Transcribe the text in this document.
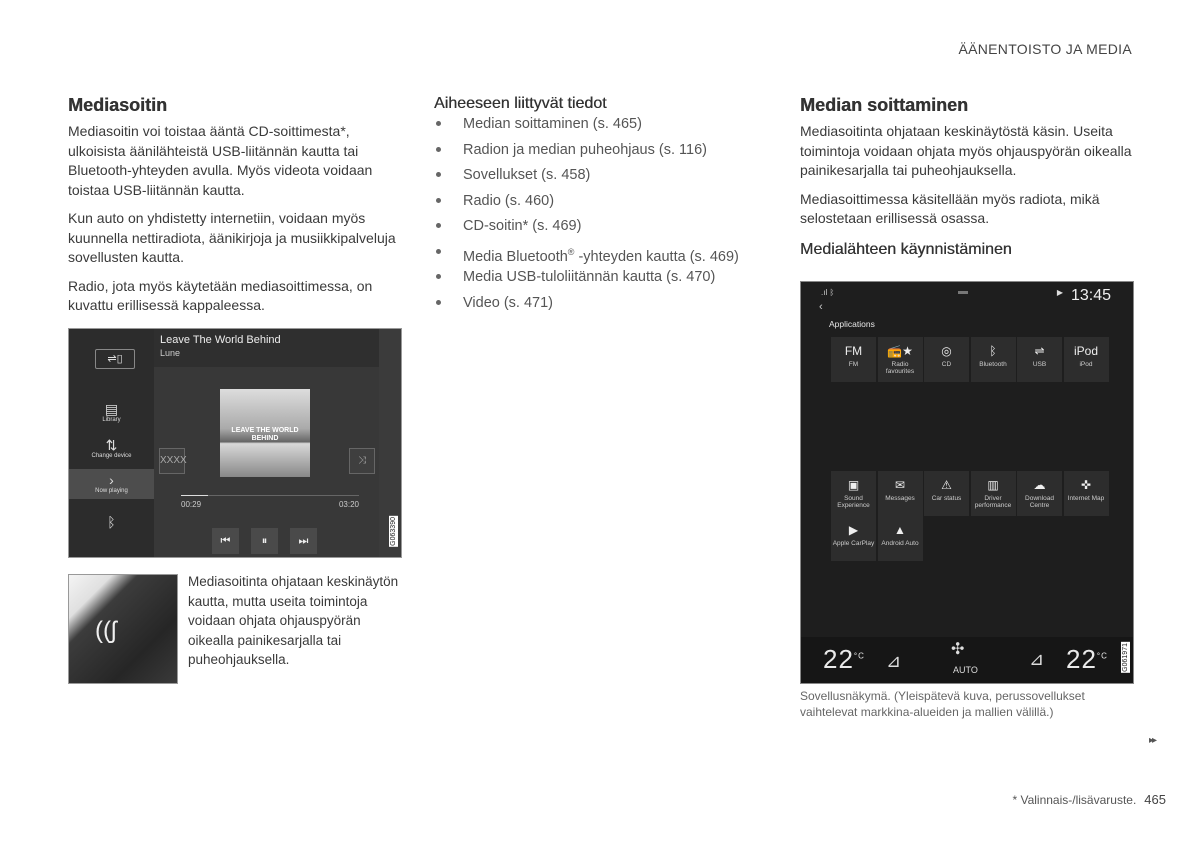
ÄÄNENTOISTO JA MEDIA
Mediasoitin

Mediasoitin voi toistaa ääntä CD-soittimesta*, ulkoisista äänilähteistä USB-liitännän kautta tai Bluetooth-yhteyden avulla. Myös videota voidaan toistaa USB-liitännän kautta.

Kun auto on yhdistetty internetiin, voidaan myös kuunnella nettiradiota, äänikirjoja ja musiikkipalveluja sovellusten kautta.

Radio, jota myös käytetään mediasoittimessa, on kuvattu erillisessä kappaleessa.

⇌▯
▤
Library
⇅
Change device
›
Now playing
ᛒ
Leave The World Behind
Lune
LEAVE THE WORLD BEHIND
XXXX	⤨
00:29	03:20
⏮	⏸	⏭	G063390
((ʃ
Mediasoitinta ohjataan keskinäytön kautta, mutta useita toimintoja voidaan ohjata ohjauspyörän oikealla painikesarjalla tai puheohjauksella.
Aiheeseen liittyvät tiedot
Median soittaminen (s. 465)
Radion ja median puheohjaus (s. 116)
Sovellukset (s. 458)
Radio (s. 460)
CD-soitin* (s. 469)
Media Bluetooth® -yhteyden kautta (s. 469)
Media USB-tuloliitännän kautta (s. 470)
Video (s. 471)
Median soittaminen

Mediasoitinta ohjataan keskinäytöstä käsin. Useita toimintoja voidaan ohjata myös ohjauspyörän oikealla painikesarjalla tai puheohjauksella.

Mediasoittimessa käsitellään myös radiota, mikä selostetaan erillisessä osassa.

Medialähteen käynnistäminen
.ıl ᛒ
‹
▬	▶ 13:45
Applications
$22^{^\circ C}$ ⊿
✣
AUTO
⊿ $22^{^\circ C}$ G061971
FM
FM
📻★
Radio favourites
◎
CD
ᛒ
Bluetooth
⇌
USB
iPod
iPod
▣
Sound Experience
✉
Messages
⚠
Car status
▥
Driver performance
☁
Download Centre
✜
Internet Map
▶
Apple CarPlay
▲
Android Auto
Sovellusnäkymä. (Yleispätevä kuva, perussovellukset vaihtelevat markkina-alueiden ja mallien välillä.)
▸▸
* Valinnais-/lisävaruste. 465
